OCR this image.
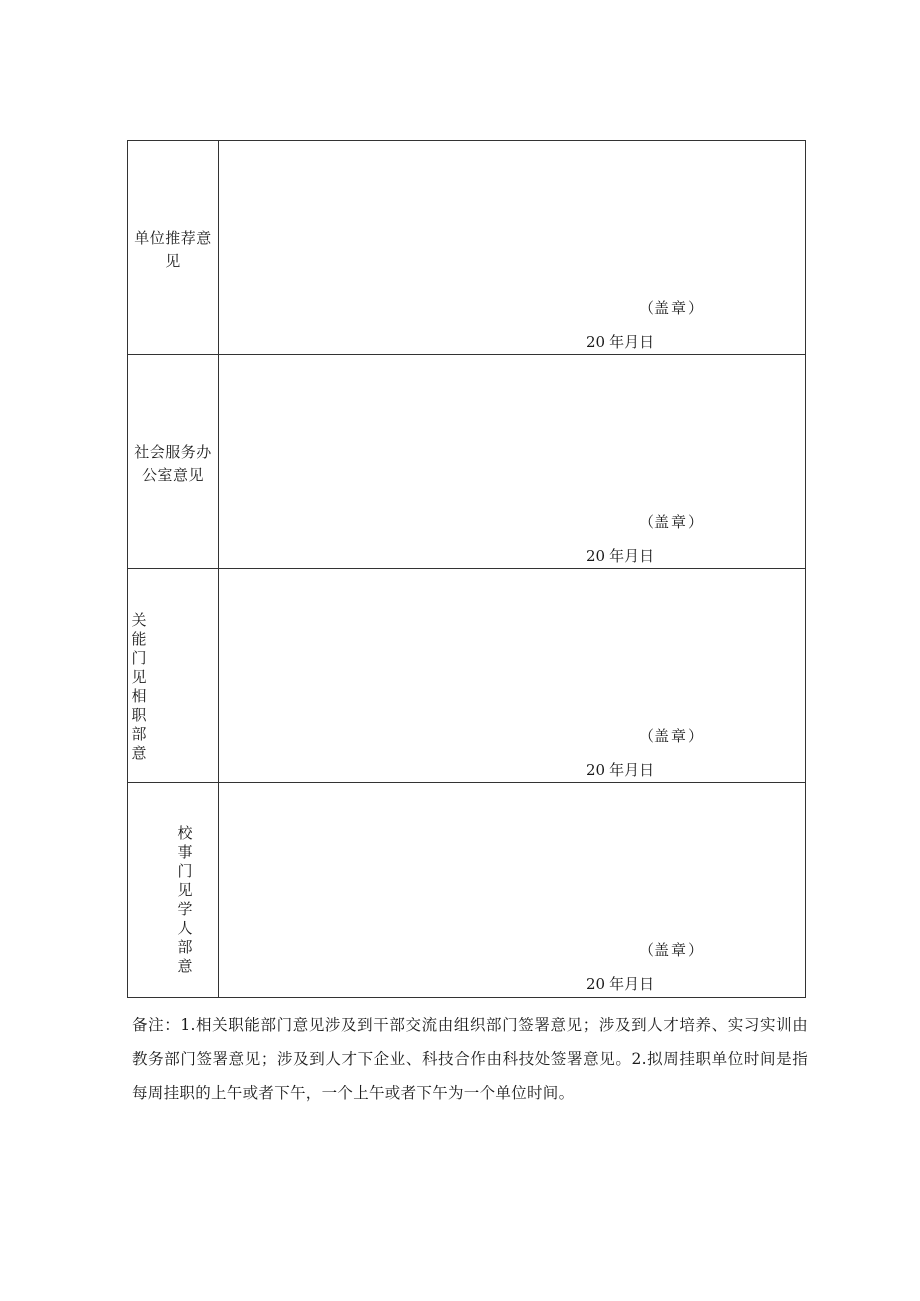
单位推荐意
见
（盖章）
20 年月日
社会服务办
公室意见
（盖章）
20 年月日
关
能
门
见
相
职
部
意
（盖章）
20 年月日
校
事
门
见
学
人
部
意
（盖章）
20 年月日
备注：1.相关职能部门意见涉及到干部交流由组织部门签署意见；涉及到人才培养、实习实训由教务部门签署意见；涉及到人才下企业、科技合作由科技处签署意见。2.拟周挂职单位时间是指每周挂职的上午或者下午，一个上午或者下午为一个单位时间。
